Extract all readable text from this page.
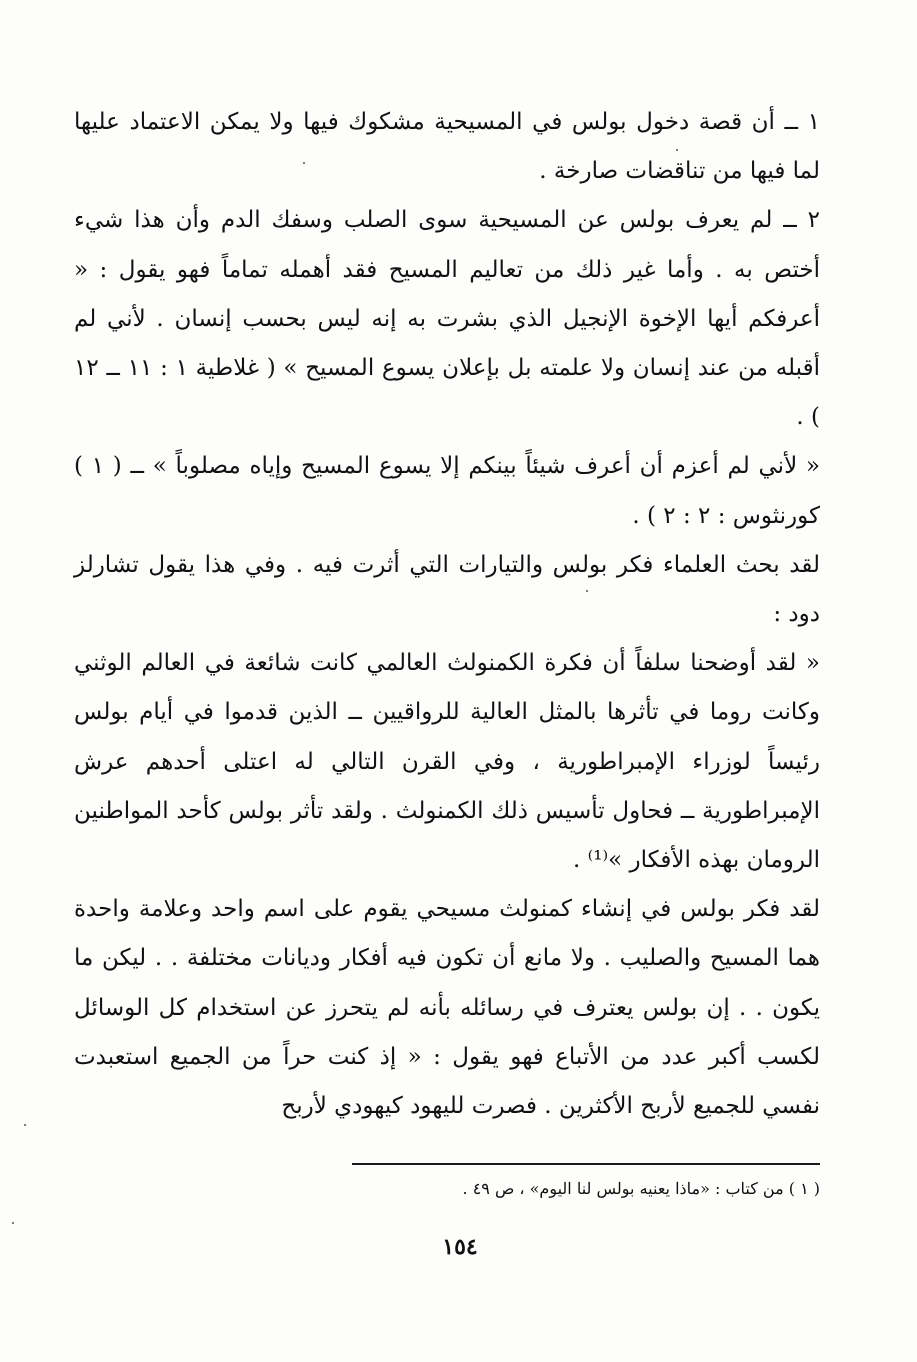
١ ــ أن قصة دخول بولس في المسيحية مشكوك فيها ولا يمكن الاعتماد عليها لما فيها من تناقضات صارخة .

٢ ــ لم يعرف بولس عن المسيحية سوى الصلب وسفك الدم وأن هذا شيء أختص به . وأما غير ذلك من تعاليم المسيح فقد أهمله تماماً فهو يقول : « أعرفكم أيها الإخوة الإنجيل الذي بشرت به إنه ليس بحسب إنسان . لأني لم أقبله من عند إنسان ولا علمته بل بإعلان يسوع المسيح » ( غلاطية ١ : ١١ ــ ١٢ ) .

« لأني لم أعزم أن أعرف شيئاً بينكم إلا يسوع المسيح وإياه مصلوباً » ــ ( ١ ) كورنثوس : ٢ : ٢ ) .

لقد بحث العلماء فكر بولس والتيارات التي أثرت فيه . وفي هذا يقول تشارلز دود :

« لقد أوضحنا سلفاً أن فكرة الكمنولث العالمي كانت شائعة في العالم الوثني وكانت روما في تأثرها بالمثل العالية للرواقيين ــ الذين قدموا في أيام بولس رئيساً لوزراء الإمبراطورية ، وفي القرن التالي له اعتلى أحدهم عرش الإمبراطورية ــ فحاول تأسيس ذلك الكمنولث . ولقد تأثر بولس كأحد المواطنين الرومان بهذه الأفكار »⁽¹⁾ .

لقد فكر بولس في إنشاء كمنولث مسيحي يقوم على اسم واحد وعلامة واحدة هما المسيح والصليب . ولا مانع أن تكون فيه أفكار وديانات مختلفة . . ليكن ما يكون . . إن بولس يعترف في رسائله بأنه لم يتحرز عن استخدام كل الوسائل لكسب أكبر عدد من الأتباع فهو يقول : « إذ كنت حراً من الجميع استعبدت نفسي للجميع لأربح الأكثرين . فصرت لليهود كيهودي لأربح

( ١ ) من كتاب : «ماذا يعنيه بولس لنا اليوم» ، ص ٤٩ .
١٥٤
